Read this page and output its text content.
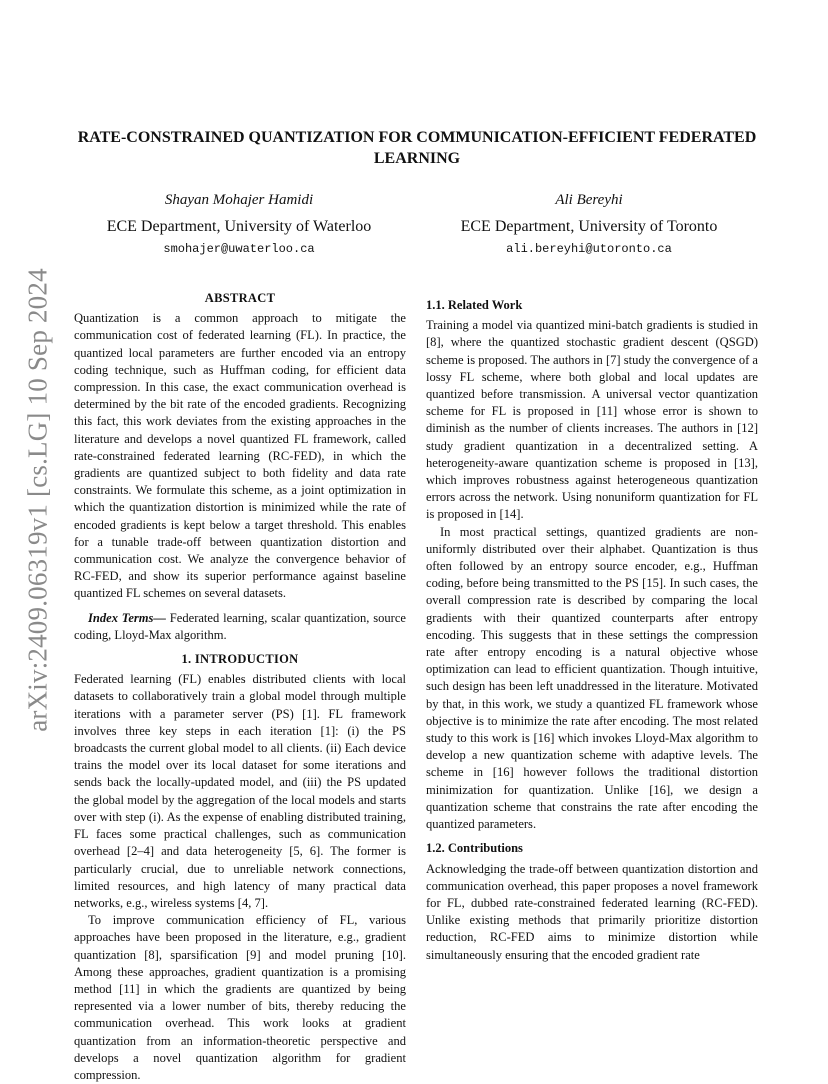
arXiv:2409.06319v1 [cs.LG] 10 Sep 2024
RATE-CONSTRAINED QUANTIZATION FOR COMMUNICATION-EFFICIENT FEDERATED LEARNING
Shayan Mohajer Hamidi
ECE Department, University of Waterloo
smohajer@uwaterloo.ca
Ali Bereyhi
ECE Department, University of Toronto
ali.bereyhi@utoronto.ca
ABSTRACT

Quantization is a common approach to mitigate the communication cost of federated learning (FL). In practice, the quantized local parameters are further encoded via an entropy coding technique, such as Huffman coding, for efficient data compression. In this case, the exact communication overhead is determined by the bit rate of the encoded gradients. Recognizing this fact, this work deviates from the existing approaches in the literature and develops a novel quantized FL framework, called rate-constrained federated learning (RC-FED), in which the gradients are quantized subject to both fidelity and data rate constraints. We formulate this scheme, as a joint optimization in which the quantization distortion is minimized while the rate of encoded gradients is kept below a target threshold. This enables for a tunable trade-off between quantization distortion and communication cost. We analyze the convergence behavior of RC-FED, and show its superior performance against baseline quantized FL schemes on several datasets.

Index Terms— Federated learning, scalar quantization, source coding, Lloyd-Max algorithm.

1. INTRODUCTION

Federated learning (FL) enables distributed clients with local datasets to collaboratively train a global model through multiple iterations with a parameter server (PS) [1]. FL framework involves three key steps in each iteration [1]: (i) the PS broadcasts the current global model to all clients. (ii) Each device trains the model over its local dataset for some iterations and sends back the locally-updated model, and (iii) the PS updated the global model by the aggregation of the local models and starts over with step (i). As the expense of enabling distributed training, FL faces some practical challenges, such as communication overhead [2–4] and data heterogeneity [5, 6]. The former is particularly crucial, due to unreliable network connections, limited resources, and high latency of many practical data networks, e.g., wireless systems [4, 7].

To improve communication efficiency of FL, various approaches have been proposed in the literature, e.g., gradient quantization [8], sparsification [9] and model pruning [10]. Among these approaches, gradient quantization is a promising method [11] in which the gradients are quantized by being represented via a lower number of bits, thereby reducing the communication overhead. This work looks at gradient quantization from an information-theoretic perspective and develops a novel quantization algorithm for gradient compression.

1.1. Related Work

Training a model via quantized mini-batch gradients is studied in [8], where the quantized stochastic gradient descent (QSGD) scheme is proposed. The authors in [7] study the convergence of a lossy FL scheme, where both global and local updates are quantized before transmission. A universal vector quantization scheme for FL is proposed in [11] whose error is shown to diminish as the number of clients increases. The authors in [12] study gradient quantization in a decentralized setting. A heterogeneity-aware quantization scheme is proposed in [13], which improves robustness against heterogeneous quantization errors across the network. Using nonuniform quantization for FL is proposed in [14].

In most practical settings, quantized gradients are non-uniformly distributed over their alphabet. Quantization is thus often followed by an entropy source encoder, e.g., Huffman coding, before being transmitted to the PS [15]. In such cases, the overall compression rate is described by comparing the local gradients with their quantized counterparts after entropy encoding. This suggests that in these settings the compression rate after entropy encoding is a natural objective whose optimization can lead to efficient quantization. Though intuitive, such design has been left unaddressed in the literature. Motivated by that, in this work, we study a quantized FL framework whose objective is to minimize the rate after encoding. The most related study to this work is [16] which invokes Lloyd-Max algorithm to develop a new quantization scheme with adaptive levels. The scheme in [16] however follows the traditional distortion minimization for quantization. Unlike [16], we design a quantization scheme that constrains the rate after encoding the quantized parameters.

1.2. Contributions

Acknowledging the trade-off between quantization distortion and communication overhead, this paper proposes a novel framework for FL, dubbed rate-constrained federated learning (RC-FED). Unlike existing methods that primarily prioritize distortion reduction, RC-FED aims to minimize distortion while simultaneously ensuring that the encoded gradient rate
